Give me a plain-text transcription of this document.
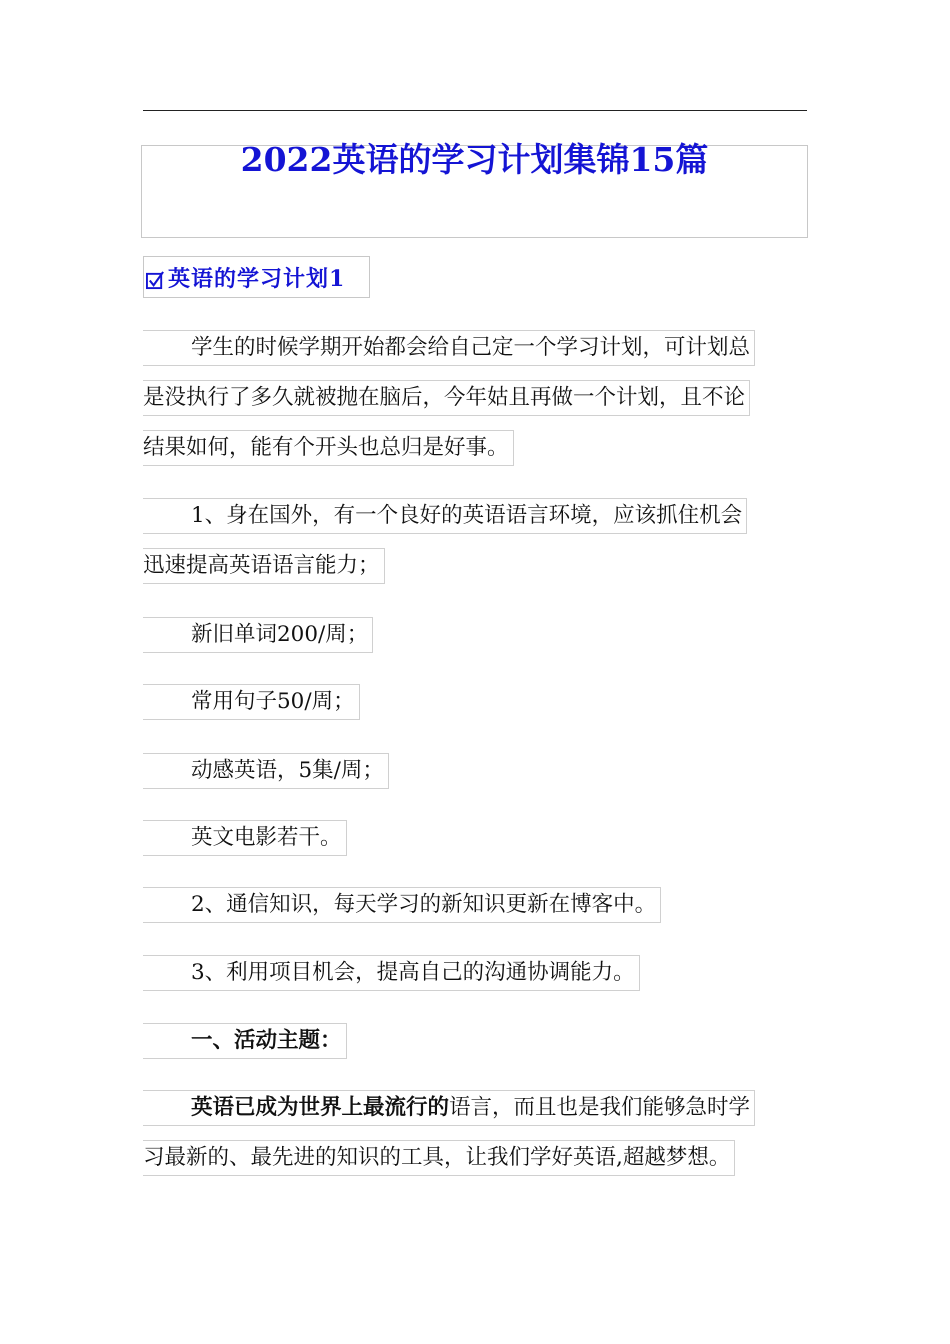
2022英语的学习计划集锦15篇
英语的学习计划1
学生的时候学期开始都会给自己定一个学习计划，可计划总
是没执行了多久就被抛在脑后，今年姑且再做一个计划，且不论
结果如何，能有个开头也总归是好事。
1、身在国外，有一个良好的英语语言环境，应该抓住机会
迅速提高英语语言能力；
新旧单词200/周；
常用句子50/周；
动感英语，5集/周；
英文电影若干。
2、通信知识，每天学习的新知识更新在博客中。
3、利用项目机会，提高自己的沟通协调能力。
一、活动主题：
英语已成为世界上最流行的语言，而且也是我们能够急时学
习最新的、最先进的知识的工具，让我们学好英语,超越梦想。
